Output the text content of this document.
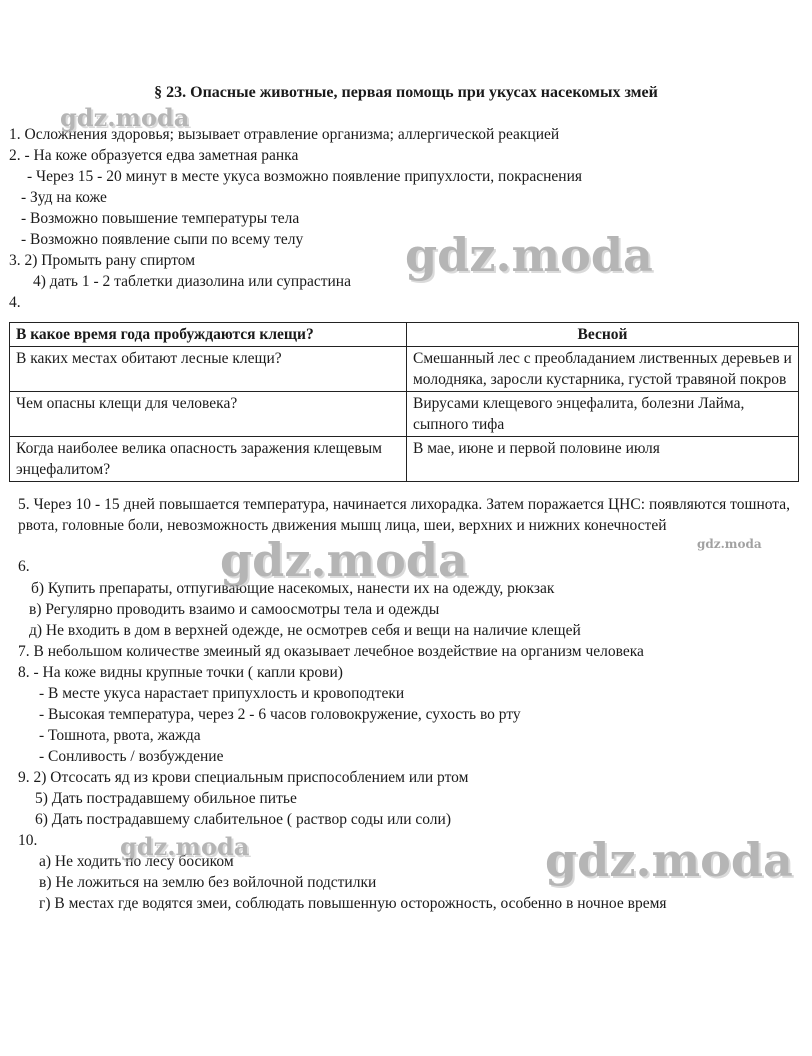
§ 23. Опасные животные, первая помощь при укусах насекомых змей
1. Осложнения здоровья; вызывает отравление организма; аллергической реакцией
2. - На коже образуется едва заметная ранка
- Через 15 - 20 минут в месте укуса возможно появление припухлости, покраснения
- Зуд на коже
- Возможно повышение температуры тела
- Возможно появление сыпи по всему телу
3. 2) Промыть рану спиртом
4) дать 1 - 2 таблетки диазолина или супрастина
4.
В какое время года пробуждаются клещи?	Весной
В каких местах обитают лесные клещи?	Смешанный лес с преобладанием лиственных деревьев и молодняка, заросли кустарника, густой травяной покров
Чем опасны клещи для человека?	Вирусами клещевого энцефалита, болезни Лайма, сыпного тифа
Когда наиболее велика опасность заражения клещевым энцефалитом?	В мае, июне и первой половине июля
5. Через 10 - 15 дней повышается температура, начинается лихорадка. Затем поражается ЦНС: появляются тошнота, рвота, головные боли, невозможность движения мышц лица, шеи, верхних и нижних конечностей
6.
б) Купить препараты, отпугивающие насекомых, нанести их на одежду, рюкзак
в) Регулярно проводить взаимо и самоосмотры тела и одежды
д) Не входить в дом в верхней одежде, не осмотрев себя и вещи на наличие клещей
7. В небольшом количестве змеиный яд оказывает лечебное воздействие на организм человека
8. - На коже видны крупные точки ( капли крови)
- В месте укуса нарастает припухлость и кровоподтеки
- Высокая температура, через 2 - 6 часов головокружение, сухость во рту
- Тошнота, рвота, жажда
- Сонливость / возбуждение
9. 2) Отсосать яд из крови специальным приспособлением или ртом
5) Дать пострадавшему обильное питье
6) Дать пострадавшему слабительное ( раствор соды или соли)
10.
а) Не ходить по лесу босиком
в) Не ложиться на землю без войлочной подстилки
г) В местах где водятся змеи, соблюдать повышенную осторожность, особенно в ночное время
gdz.moda
gdz.moda
gdz.moda	gdz.moda
gdz.moda	gdz.moda
